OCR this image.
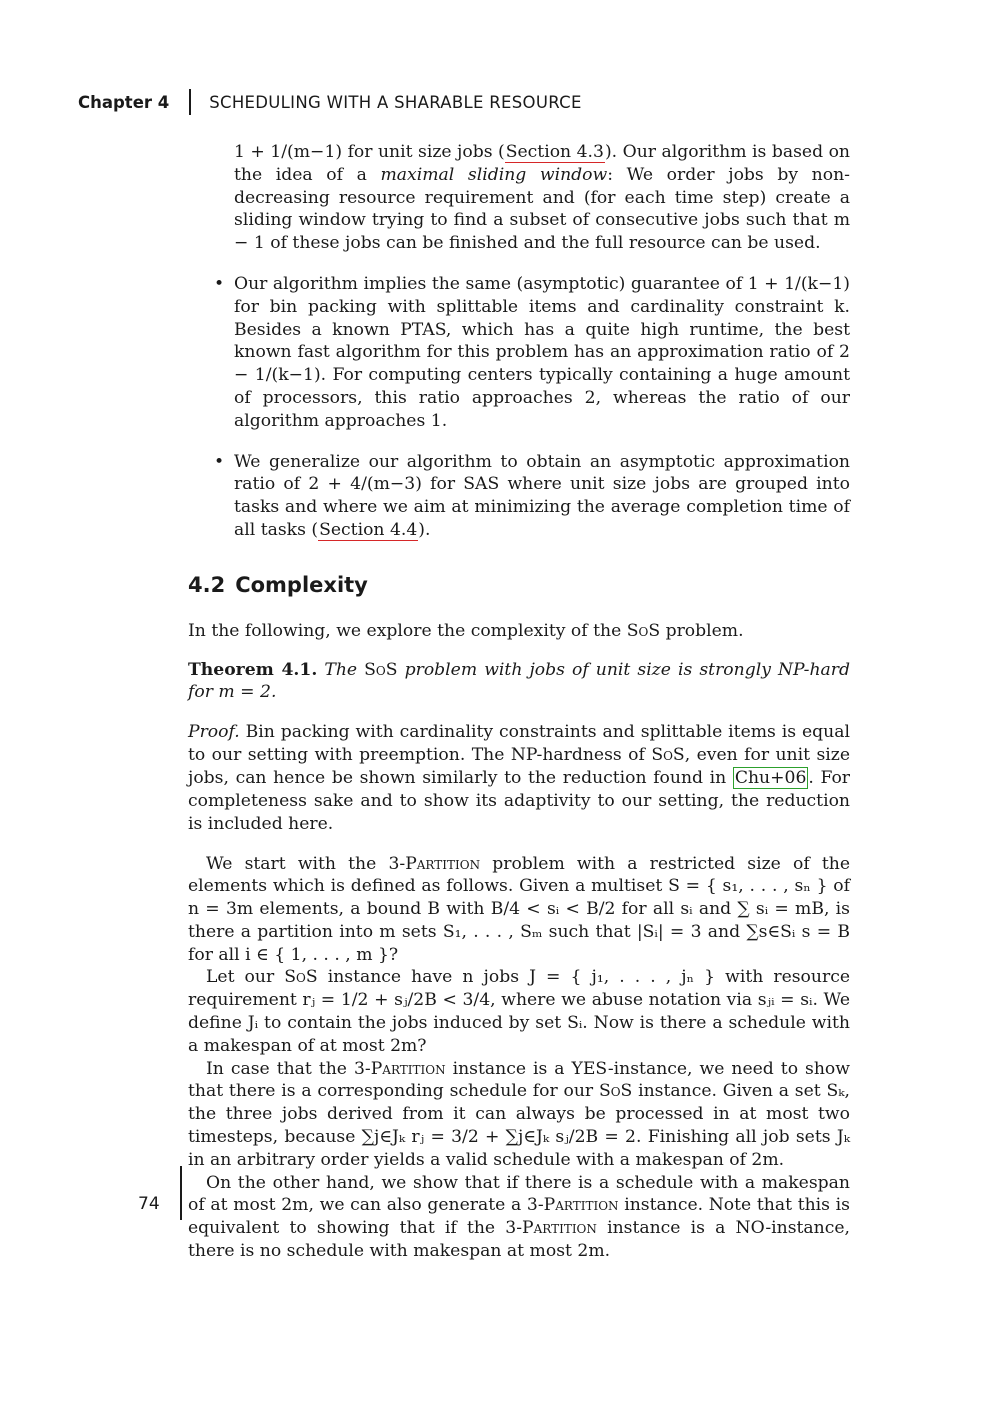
Chapter 4 SCHEDULING WITH A SHARABLE RESOURCE

1 + 1/(m−1) for unit size jobs (Section 4.3). Our algorithm is based on the idea of a maximal sliding window: We order jobs by non-decreasing resource requirement and (for each time step) create a sliding window trying to find a subset of consecutive jobs such that m − 1 of these jobs can be finished and the full resource can be used.

• Our algorithm implies the same (asymptotic) guarantee of 1 + 1/(k−1) for bin packing with splittable items and cardinality constraint k. Besides a known PTAS, which has a quite high runtime, the best known fast algorithm for this problem has an approximation ratio of 2 − 1/(k−1). For computing centers typically containing a huge amount of processors, this ratio approaches 2, whereas the ratio of our algorithm approaches 1.
• We generalize our algorithm to obtain an asymptotic approximation ratio of 2 + 4/(m−3) for SAS where unit size jobs are grouped into tasks and where we aim at minimizing the average completion time of all tasks (Section 4.4).
4.2 Complexity

In the following, we explore the complexity of the SoS problem.

Theorem 4.1. The SoS problem with jobs of unit size is strongly NP-hard for m = 2.

Proof. Bin packing with cardinality constraints and splittable items is equal to our setting with preemption. The NP-hardness of SoS, even for unit size jobs, can hence be shown similarly to the reduction found in Chu+06 . For completeness sake and to show its adaptivity to our setting, the reduction is included here.

We start with the 3-Partition problem with a restricted size of the elements which is defined as follows. Given a multiset S = { s₁, . . . , sₙ } of n = 3m elements, a bound B with B/4 < sᵢ < B/2 for all sᵢ and ∑ sᵢ = mB, is there a partition into m sets S₁, . . . , Sₘ such that |Sᵢ| = 3 and ∑s∈Sᵢ s = B for all i ∈ { 1, . . . , m }?

Let our SoS instance have n jobs J = { j₁, . . . , jₙ } with resource requirement rⱼ = 1/2 + sⱼ/2B < 3/4, where we abuse notation via sⱼᵢ = sᵢ. We define Jᵢ to contain the jobs induced by set Sᵢ. Now is there a schedule with a makespan of at most 2m?

In case that the 3-Partition instance is a YES-instance, we need to show that there is a corresponding schedule for our SoS instance. Given a set Sₖ, the three jobs derived from it can always be processed in at most two timesteps, because ∑j∈Jₖ rⱼ = 3/2 + ∑j∈Jₖ sⱼ/2B = 2. Finishing all job sets Jₖ in an arbitrary order yields a valid schedule with a makespan of 2m.

On the other hand, we show that if there is a schedule with a makespan of at most 2m, we can also generate a 3-Partition instance. Note that this is equivalent to showing that if the 3-Partition instance is a NO-instance, there is no schedule with makespan at most 2m.

74
